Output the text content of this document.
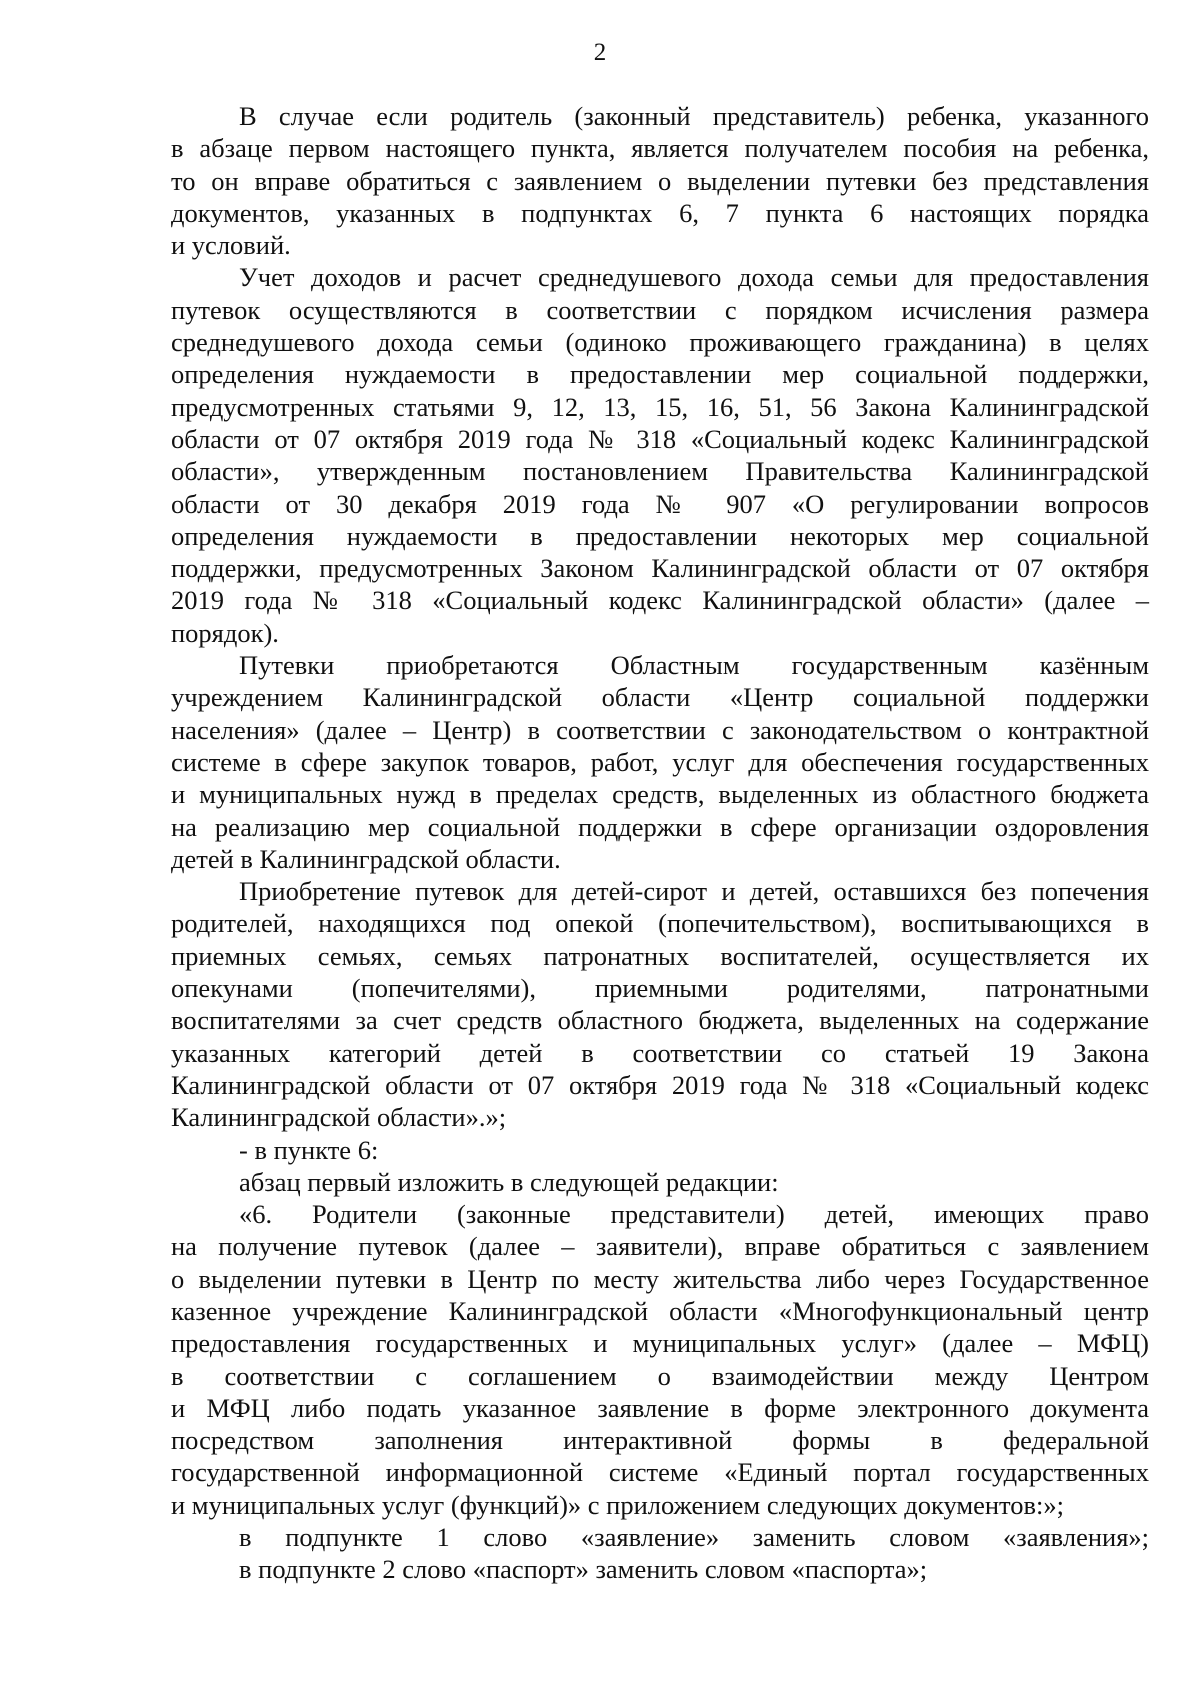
2

В случае если родитель (законный представитель) ребенка, указанного
в абзаце первом настоящего пункта, является получателем пособия на ребенка,
то он вправе обратиться с заявлением о выделении путевки без представления
документов, указанных в подпунктах 6, 7 пункта 6 настоящих порядка
и условий.

Учет доходов и расчет среднедушевого дохода семьи для предоставления
путевок осуществляются в соответствии с порядком исчисления размера
среднедушевого дохода семьи (одиноко проживающего гражданина) в целях
определения нуждаемости в предоставлении мер социальной поддержки,
предусмотренных статьями 9, 12, 13, 15, 16, 51, 56 Закона Калининградской
области от 07 октября 2019 года № 318 «Социальный кодекс Калининградской
области», утвержденным постановлением Правительства Калининградской
области от 30 декабря 2019 года № 907 «О регулировании вопросов
определения нуждаемости в предоставлении некоторых мер социальной
поддержки, предусмотренных Законом Калининградской области от 07 октября
2019 года № 318 «Социальный кодекс Калининградской области» (далее –
порядок).

Путевки приобретаются Областным государственным казённым
учреждением Калининградской области «Центр социальной поддержки
населения» (далее – Центр) в соответствии с законодательством о контрактной
системе в сфере закупок товаров, работ, услуг для обеспечения государственных
и муниципальных нужд в пределах средств, выделенных из областного бюджета
на реализацию мер социальной поддержки в сфере организации оздоровления
детей в Калининградской области.

Приобретение путевок для детей-сирот и детей, оставшихся без попечения
родителей, находящихся под опекой (попечительством), воспитывающихся в
приемных семьях, семьях патронатных воспитателей, осуществляется их
опекунами (попечителями), приемными родителями, патронатными
воспитателями за счет средств областного бюджета, выделенных на содержание
указанных категорий детей в соответствии со статьей 19 Закона
Калининградской области от 07 октября 2019 года № 318 «Социальный кодекс
Калининградской области».»;

- в пункте 6:

абзац первый изложить в следующей редакции:

«6. Родители (законные представители) детей, имеющих право
на получение путевок (далее – заявители), вправе обратиться с заявлением
о выделении путевки в Центр по месту жительства либо через Государственное
казенное учреждение Калининградской области «Многофункциональный центр
предоставления государственных и муниципальных услуг» (далее – МФЦ)
в соответствии с соглашением о взаимодействии между Центром
и МФЦ либо подать указанное заявление в форме электронного документа
посредством заполнения интерактивной формы в федеральной
государственной информационной системе «Единый портал государственных
и муниципальных услуг (функций)» с приложением следующих документов:»;

в подпункте 1 слово «заявление» заменить словом «заявления»;

в подпункте 2 слово «паспорт» заменить словом «паспорта»;
